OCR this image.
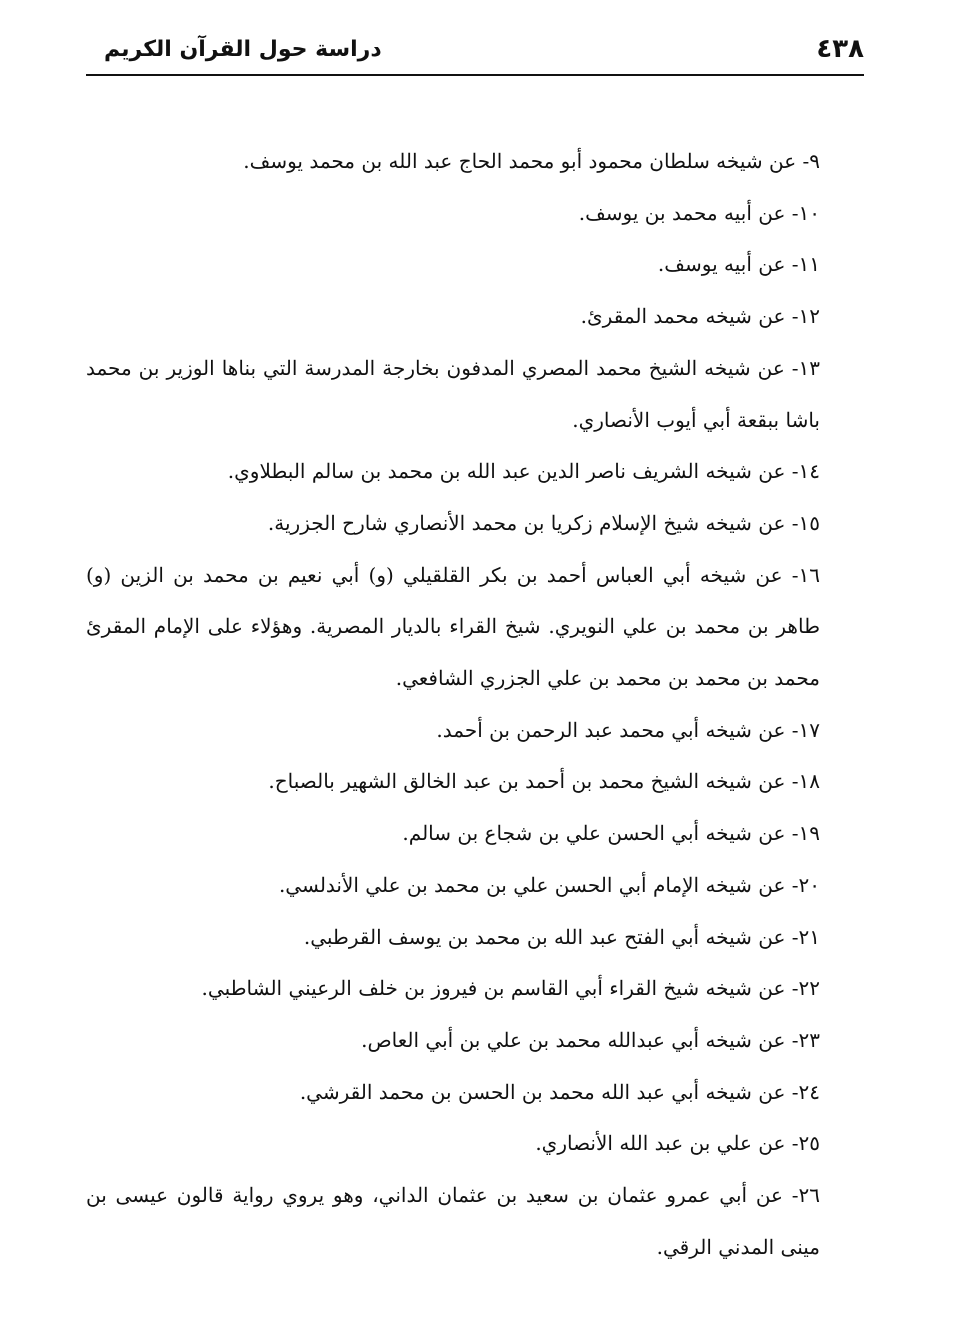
٤٣٨
دراسة حول القرآن الكريم

٩- عن شيخه سلطان محمود أبو محمد الحاج عبد الله بن محمد يوسف.

١٠- عن أبيه محمد بن يوسف.

١١- عن أبيه يوسف.

١٢- عن شيخه محمد المقرئ.

١٣- عن شيخه الشيخ محمد المصري المدفون بخارجة المدرسة التي بناها الوزير بن محمد باشا ببقعة أبي أيوب الأنصاري.

١٤- عن شيخه الشريف ناصر الدين عبد الله بن محمد بن سالم البطلاوي.

١٥- عن شيخه شيخ الإسلام زكريا بن محمد الأنصاري شارح الجزرية.

١٦- عن شيخه أبي العباس أحمد بن بكر القلقيلي (و) أبي نعيم بن محمد بن الزين (و) طاهر بن محمد بن علي النويري. شيخ القراء بالديار المصرية. وهؤلاء على الإمام المقرئ محمد بن محمد بن محمد بن علي الجزري الشافعي.

١٧- عن شيخه أبي محمد عبد الرحمن بن أحمد.

١٨- عن شيخه الشيخ محمد بن أحمد بن عبد الخالق الشهير بالصباح.

١٩- عن شيخه أبي الحسن علي بن شجاع بن سالم.

٢٠- عن شيخه الإمام أبي الحسن علي بن محمد بن علي الأندلسي.

٢١- عن شيخه أبي الفتح عبد الله بن محمد بن يوسف القرطبي.

٢٢- عن شيخه شيخ القراء أبي القاسم بن فيروز بن خلف الرعيني الشاطبي.

٢٣- عن شيخه أبي عبدالله محمد بن علي بن أبي العاص.

٢٤- عن شيخه أبي عبد الله محمد بن الحسن بن محمد القرشي.

٢٥- عن علي بن عبد الله الأنصاري.

٢٦- عن أبي عمرو عثمان بن سعيد بن عثمان الداني، وهو يروي رواية قالون عيسى بن مينى المدني الرقي.
